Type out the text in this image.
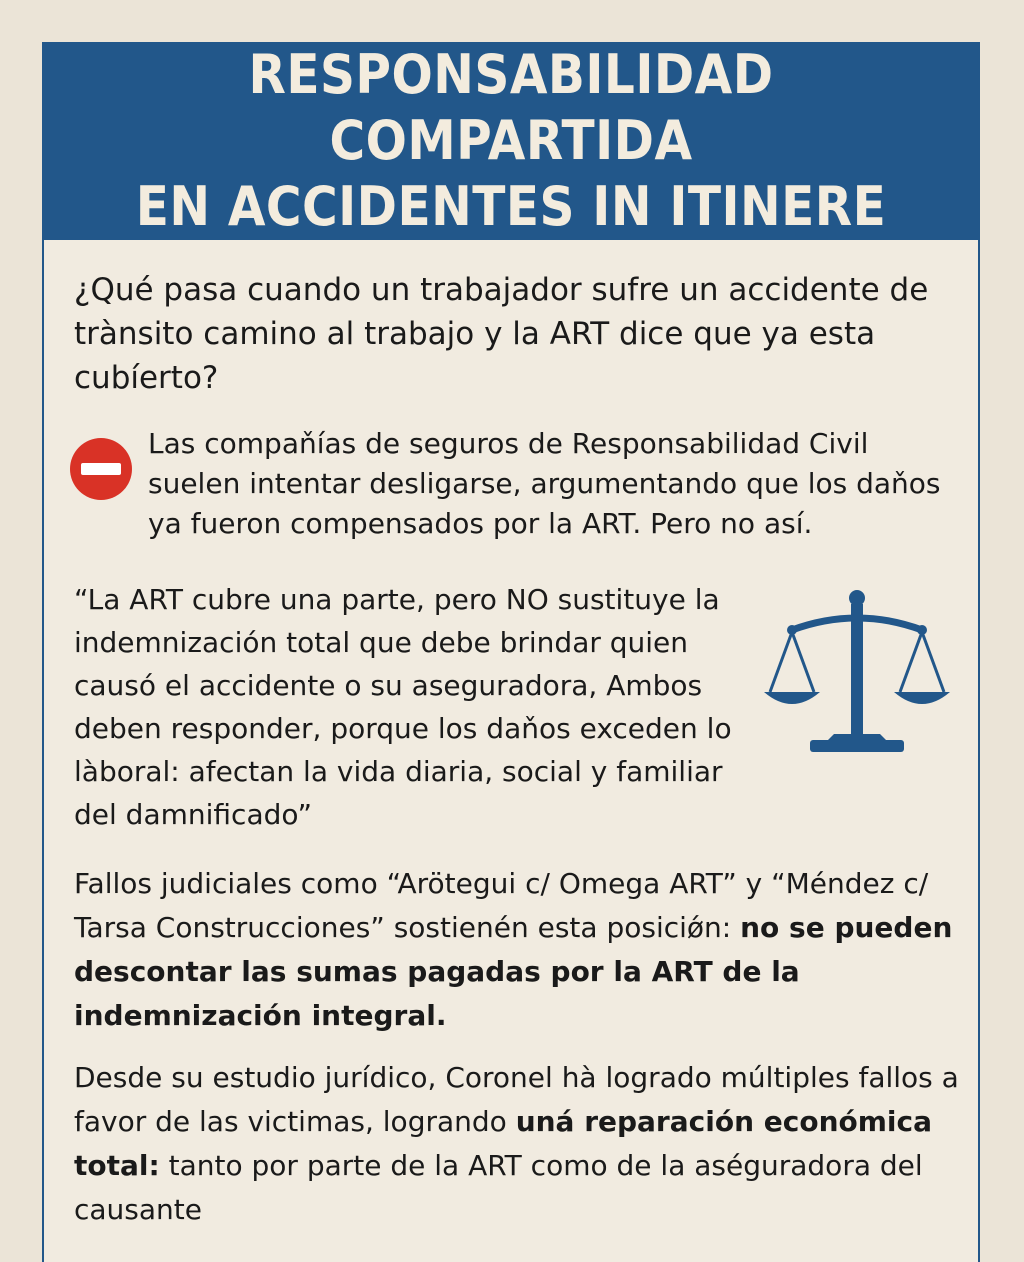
RESPONSABILIDAD COMPARTIDA
EN ACCIDENTES IN ITINERE

¿Qué pasa cuando un trabajador sufre un accidente de trànsito camino al trabajo y la ART dice que ya esta cubíerto?

Las compaňías de seguros de Responsabilidad Civil suelen intentar desligarse, argumentando que los daňos ya fueron compensados por la ART. Pero no así.

“La ART cubre una parte, pero NO sustituye la indemnización total que debe brindar quien causó el accidente o su aseguradora, Ambos deben responder, porque los daňos exceden lo làboral: afectan la vida diaria, social y familiar del damnificado”

Fallos judiciales como “Arötegui c/ Omega ART” y “Méndez c/ Tarsa Construcciones” sostienén esta posiciǿn: no se pueden descontar las sumas pagadas por la ART de la indemnización integral.

Desde su estudio jurídico, Coronel hà logrado múltiples fallos a favor de las victimas, logrando uná reparación económica total: tanto por parte de la ART como de la aséguradora del causante
